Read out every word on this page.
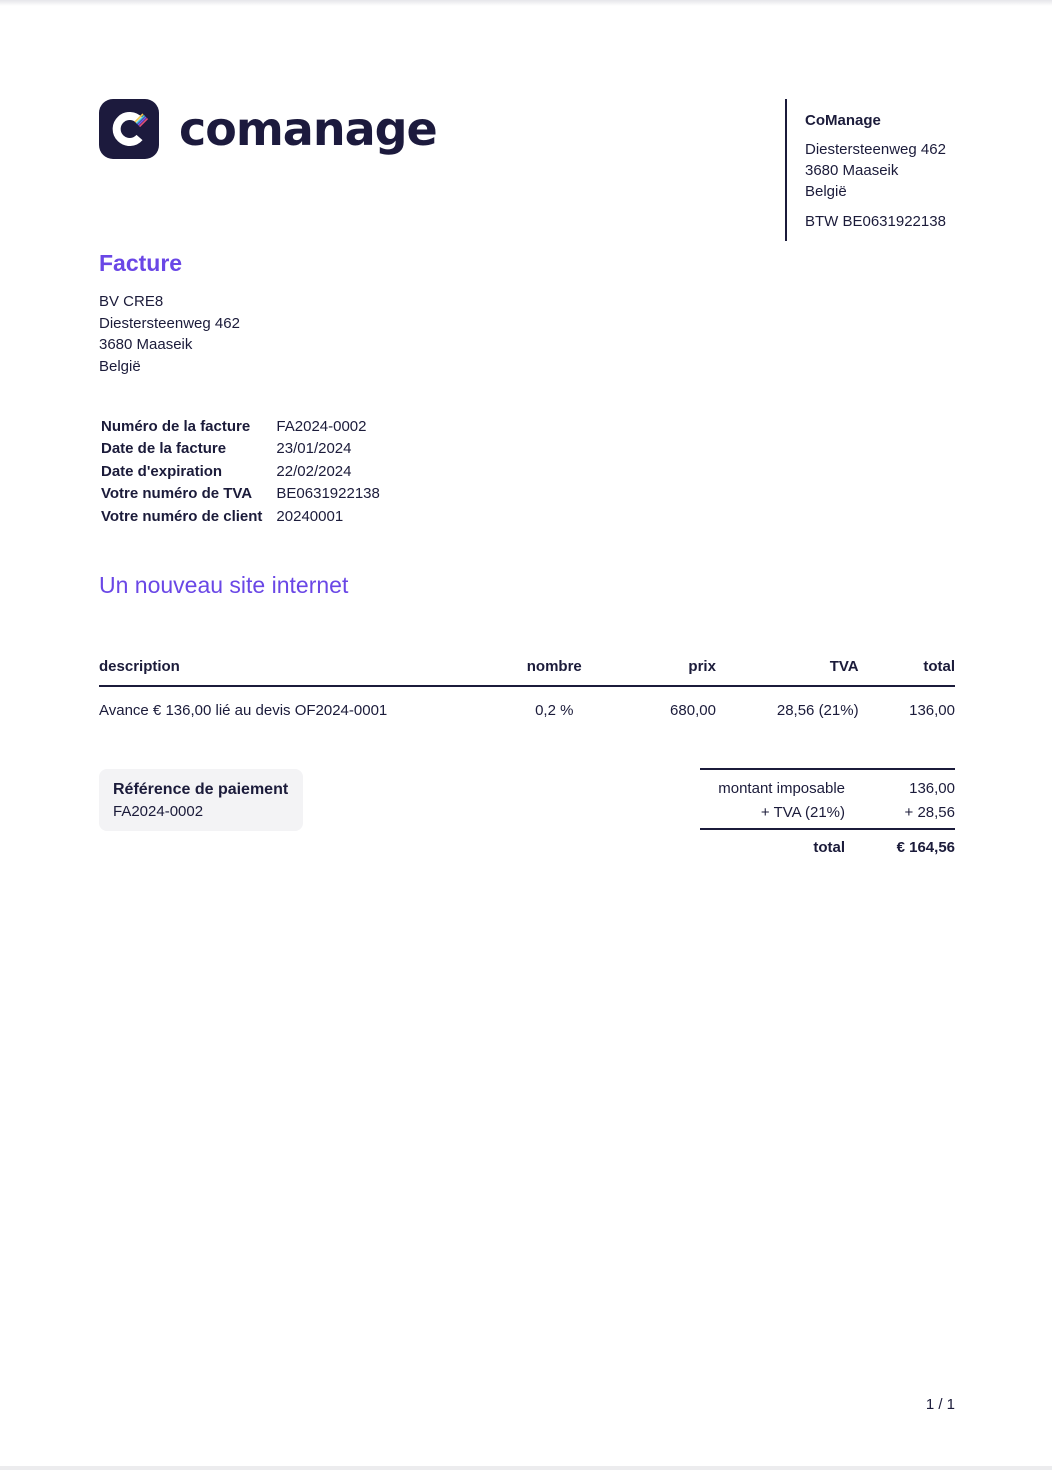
comanage	CoManage
Diestersteenweg 462
3680 Maaseik
België
BTW BE0631922138
Facture
BV CRE8
Diestersteenweg 462
3680 Maaseik
België
Numéro de la facture	FA2024-0002
Date de la facture	23/01/2024
Date d'expiration	22/02/2024
Votre numéro de TVA	BE0631922138
Votre numéro de client	20240001
Un nouveau site internet
description	nombre	prix	TVA	total
Avance € 136,00 lié au devis OF2024-0001	0,2 %	680,00	28,56 (21%)	136,00
Référence de paiement
FA2024-0002
montant imposable	136,00
+ TVA (21%)	+ 28,56
total	€ 164,56
1 / 1
